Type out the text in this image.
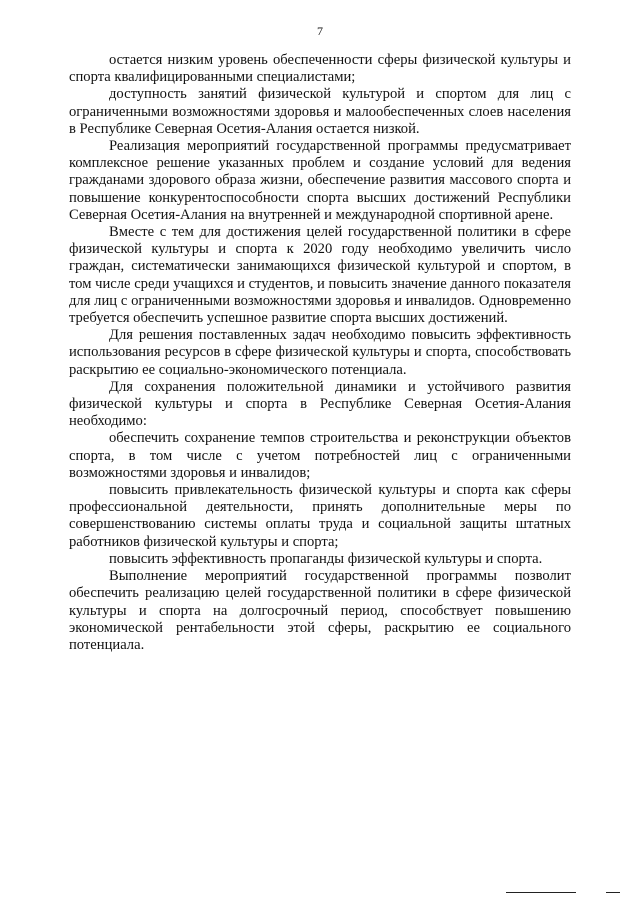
7

остается низким уровень обеспеченности сферы физической культуры и спорта квалифицированными специалистами;

доступность занятий физической культурой и спортом для лиц с ограниченными возможностями здоровья и малообеспеченных слоев населения в Республике Северная Осетия-Алания остается низкой.

Реализация мероприятий государственной программы предусматривает комплексное решение указанных проблем и создание условий для ведения гражданами здорового образа жизни, обеспечение развития массового спорта и повышение конкурентоспособности спорта высших достижений Республики Северная Осетия-Алания на внутренней и международной спортивной арене.

Вместе с тем для достижения целей государственной политики в сфере физической культуры и спорта к 2020 году необходимо увеличить число граждан, систематически занимающихся физической культурой и спортом, в том числе среди учащихся и студентов, и повысить значение данного показателя для лиц с ограниченными возможностями здоровья и инвалидов. Одновременно требуется обеспечить успешное развитие спорта высших достижений.

Для решения поставленных задач необходимо повысить эффективность использования ресурсов в сфере физической культуры и спорта, способствовать раскрытию ее социально-экономического потенциала.

Для сохранения положительной динамики и устойчивого развития физической культуры и спорта в Республике Северная Осетия-Алания необходимо:

обеспечить сохранение темпов строительства и реконструкции объектов спорта, в том числе с учетом потребностей лиц с ограниченными возможностями здоровья и инвалидов;

повысить привлекательность физической культуры и спорта как сферы профессиональной деятельности, принять дополнительные меры по совершенствованию системы оплаты труда и социальной защиты штатных работников физической культуры и спорта;

повысить эффективность пропаганды физической культуры и спорта.

Выполнение мероприятий государственной программы позволит обеспечить реализацию целей государственной политики в сфере физической культуры и спорта на долгосрочный период, способствует повышению экономической рентабельности этой сферы, раскрытию ее социального потенциала.
